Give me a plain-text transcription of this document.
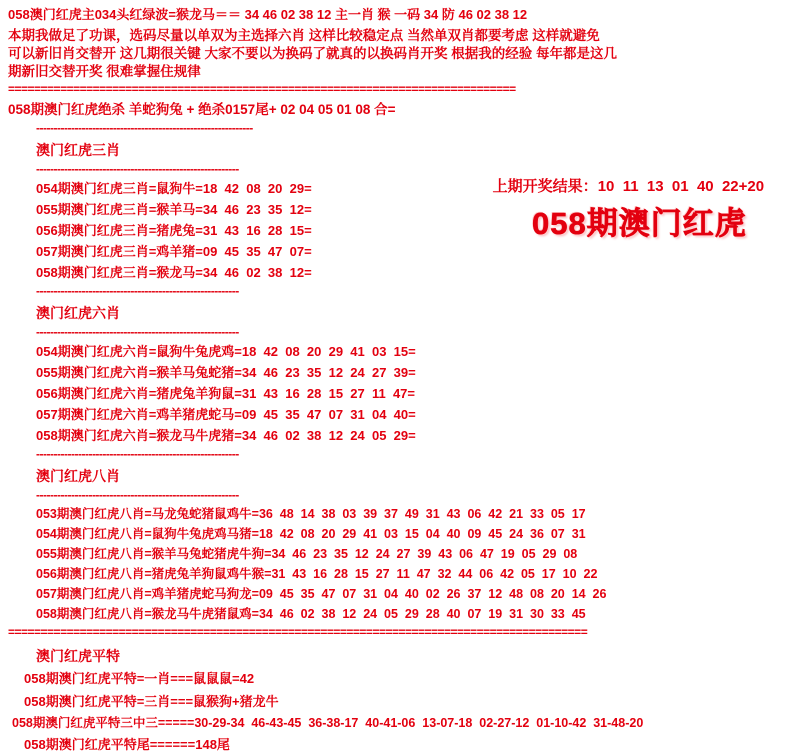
058澳门红虎主034头红绿波=猴龙马＝＝ 34 46 02 38 12 主一肖 猴 一码 34 防 46 02 38 12
本期我做足了功课，选码尽量以单双为主选择六肖 这样比较稳定点 当然单双肖都要考虑 这样就避免
可以新旧肖交替开 这几期很关键 大家不要以为换码了就真的以换码肖开奖 根据我的经验 每年都是这几
期新旧交替开奖 很难掌握住规律
==============================================================================
058期澳门红虎绝杀 羊蛇狗兔 + 绝杀0157尾+ 02 04 05 01 08 合=
--------------------------------------------------------------

上期开奖结果：10  11  13  01  40  22+20

058期澳门红虎
澳门红虎三肖
----------------------------------------------------------
054期澳门红虎三肖=鼠狗牛=18  42  08  20  29=
055期澳门红虎三肖=猴羊马=34  46  23  35  12=
056期澳门红虎三肖=猪虎兔=31  43  16  28  15=
057期澳门红虎三肖=鸡羊猪=09  45  35  47  07=
058期澳门红虎三肖=猴龙马=34  46  02  38  12=
----------------------------------------------------------
澳门红虎六肖
----------------------------------------------------------
054期澳门红虎六肖=鼠狗牛兔虎鸡=18  42  08  20  29  41  03  15=
055期澳门红虎六肖=猴羊马兔蛇猪=34  46  23  35  12  24  27  39=
056期澳门红虎六肖=猪虎兔羊狗鼠=31  43  16  28  15  27  11  47=
057期澳门红虎六肖=鸡羊猪虎蛇马=09  45  35  47  07  31  04  40=
058期澳门红虎六肖=猴龙马牛虎猪=34  46  02  38  12  24  05  29=
----------------------------------------------------------
澳门红虎八肖
----------------------------------------------------------
053期澳门红虎八肖=马龙兔蛇猪鼠鸡牛=36  48  14  38  03  39  37  49  31  43  06  42  21  33  05  17
054期澳门红虎八肖=鼠狗牛兔虎鸡马猪=18  42  08  20  29  41  03  15  04  40  09  45  24  36  07  31
055期澳门红虎八肖=猴羊马兔蛇猪虎牛狗=34  46  23  35  12  24  27  39  43  06  47  19  05  29  08
056期澳门红虎八肖=猪虎兔羊狗鼠鸡牛猴=31  43  16  28  15  27  11  47  32  44  06  42  05  17  10  22
057期澳门红虎八肖=鸡羊猪虎蛇马狗龙=09  45  35  47  07  31  04  40  02  26  37  12  48  08  20  14  26
058期澳门红虎八肖=猴龙马牛虎猪鼠鸡=34  46  02  38  12  24  05  29  28  40  07  19  31  30  33  45
=========================================================================================
澳门红虎平特
058期澳门红虎平特=一肖===鼠鼠鼠=42
058期澳门红虎平特=三肖===鼠猴狗+猪龙牛
058期澳门红虎平特三中三=====30-29-34  46-43-45  36-38-17  40-41-06  13-07-18  02-27-12  01-10-42  31-48-20
058期澳门红虎平特尾======148尾
